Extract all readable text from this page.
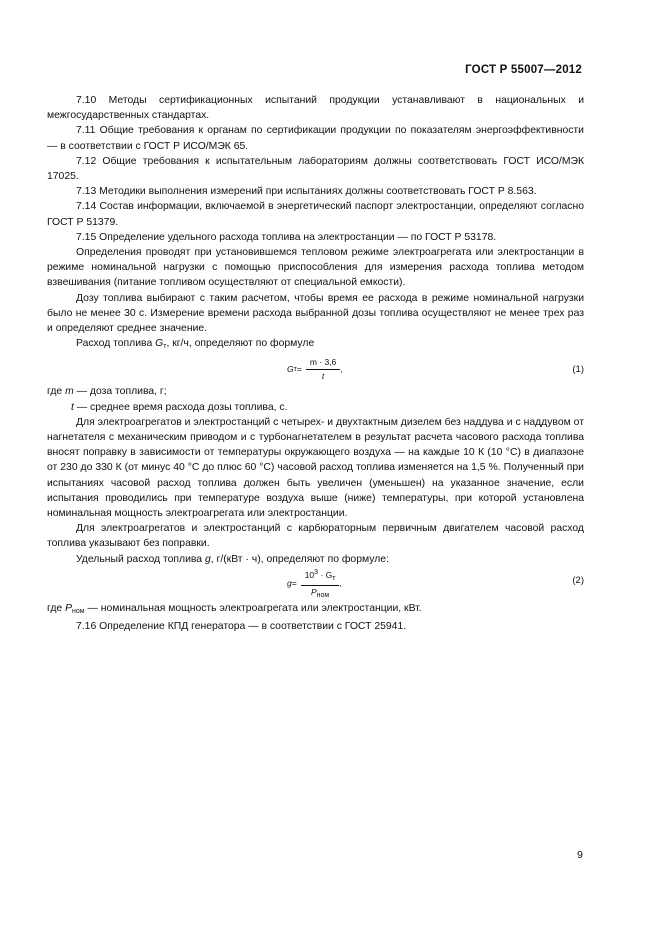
ГОСТ Р 55007—2012

7.10 Методы сертификационных испытаний продукции устанавливают в национальных и межгосударственных стандартах.

7.11 Общие требования к органам по сертификации продукции по показателям энергоэффективности — в соответствии с ГОСТ Р ИСО/МЭК 65.

7.12 Общие требования к испытательным лабораториям должны соответствовать ГОСТ ИСО/МЭК 17025.

7.13 Методики выполнения измерений при испытаниях должны соответствовать ГОСТ Р 8.563.

7.14 Состав информации, включаемой в энергетический паспорт электростанции, определяют согласно ГОСТ Р 51379.

7.15 Определение удельного расхода топлива на электростанции — по ГОСТ Р 53178.

Определения проводят при установившемся тепловом режиме электроагрегата или электростанции в режиме номинальной нагрузки с помощью приспособления для измерения расхода топлива методом взвешивания (питание топливом осуществляют от специальной емкости).

Дозу топлива выбирают с таким расчетом, чтобы время ее расхода в режиме номинальной нагрузки было не менее 30 с. Измерение времени расхода выбранной дозы топлива осуществляют не менее трех раз и определяют среднее значение.

Расход топлива $G_т$, кг/ч, определяют по формуле

G $т = \frac{m \cdot 3,6}{t}$ ,	(1)

где m — доза топлива, г;

t — среднее время расхода дозы топлива, с.

Для электроагрегатов и электростанций с четырех- и двухтактным дизелем без наддува и с наддувом от нагнетателя с механическим приводом и с турбонагнетателем в результат расчета часового расхода топлива вносят поправку в зависимости от температуры окружающего воздуха — на каждые 10 К (10 °С) в диапазоне от 230 до 330 К (от минус 40 °С до плюс 60 °С) часовой расход топлива изменяется на 1,5 %. Полученный при испытаниях часовой расход топлива должен быть увеличен (уменьшен) на указанное значение, если испытания проводились при температуре воздуха выше (ниже) температуры, при которой установлена номинальная мощность электроагрегата или электростанции.

Для электроагрегатов и электростанций с карбюраторным первичным двигателем часовой расход топлива указывают без поправки.

Удельный расход топлива g, г/(кВт · ч), определяют по формуле:

$g = \frac{10^3 \cdot G_т}{P_{ном}}$ ,	(2)

где $P_{ном}$ — номинальная мощность электроагрегата или электростанции, кВт.

7.16 Определение КПД генератора — в соответствии с ГОСТ 25941.

9
